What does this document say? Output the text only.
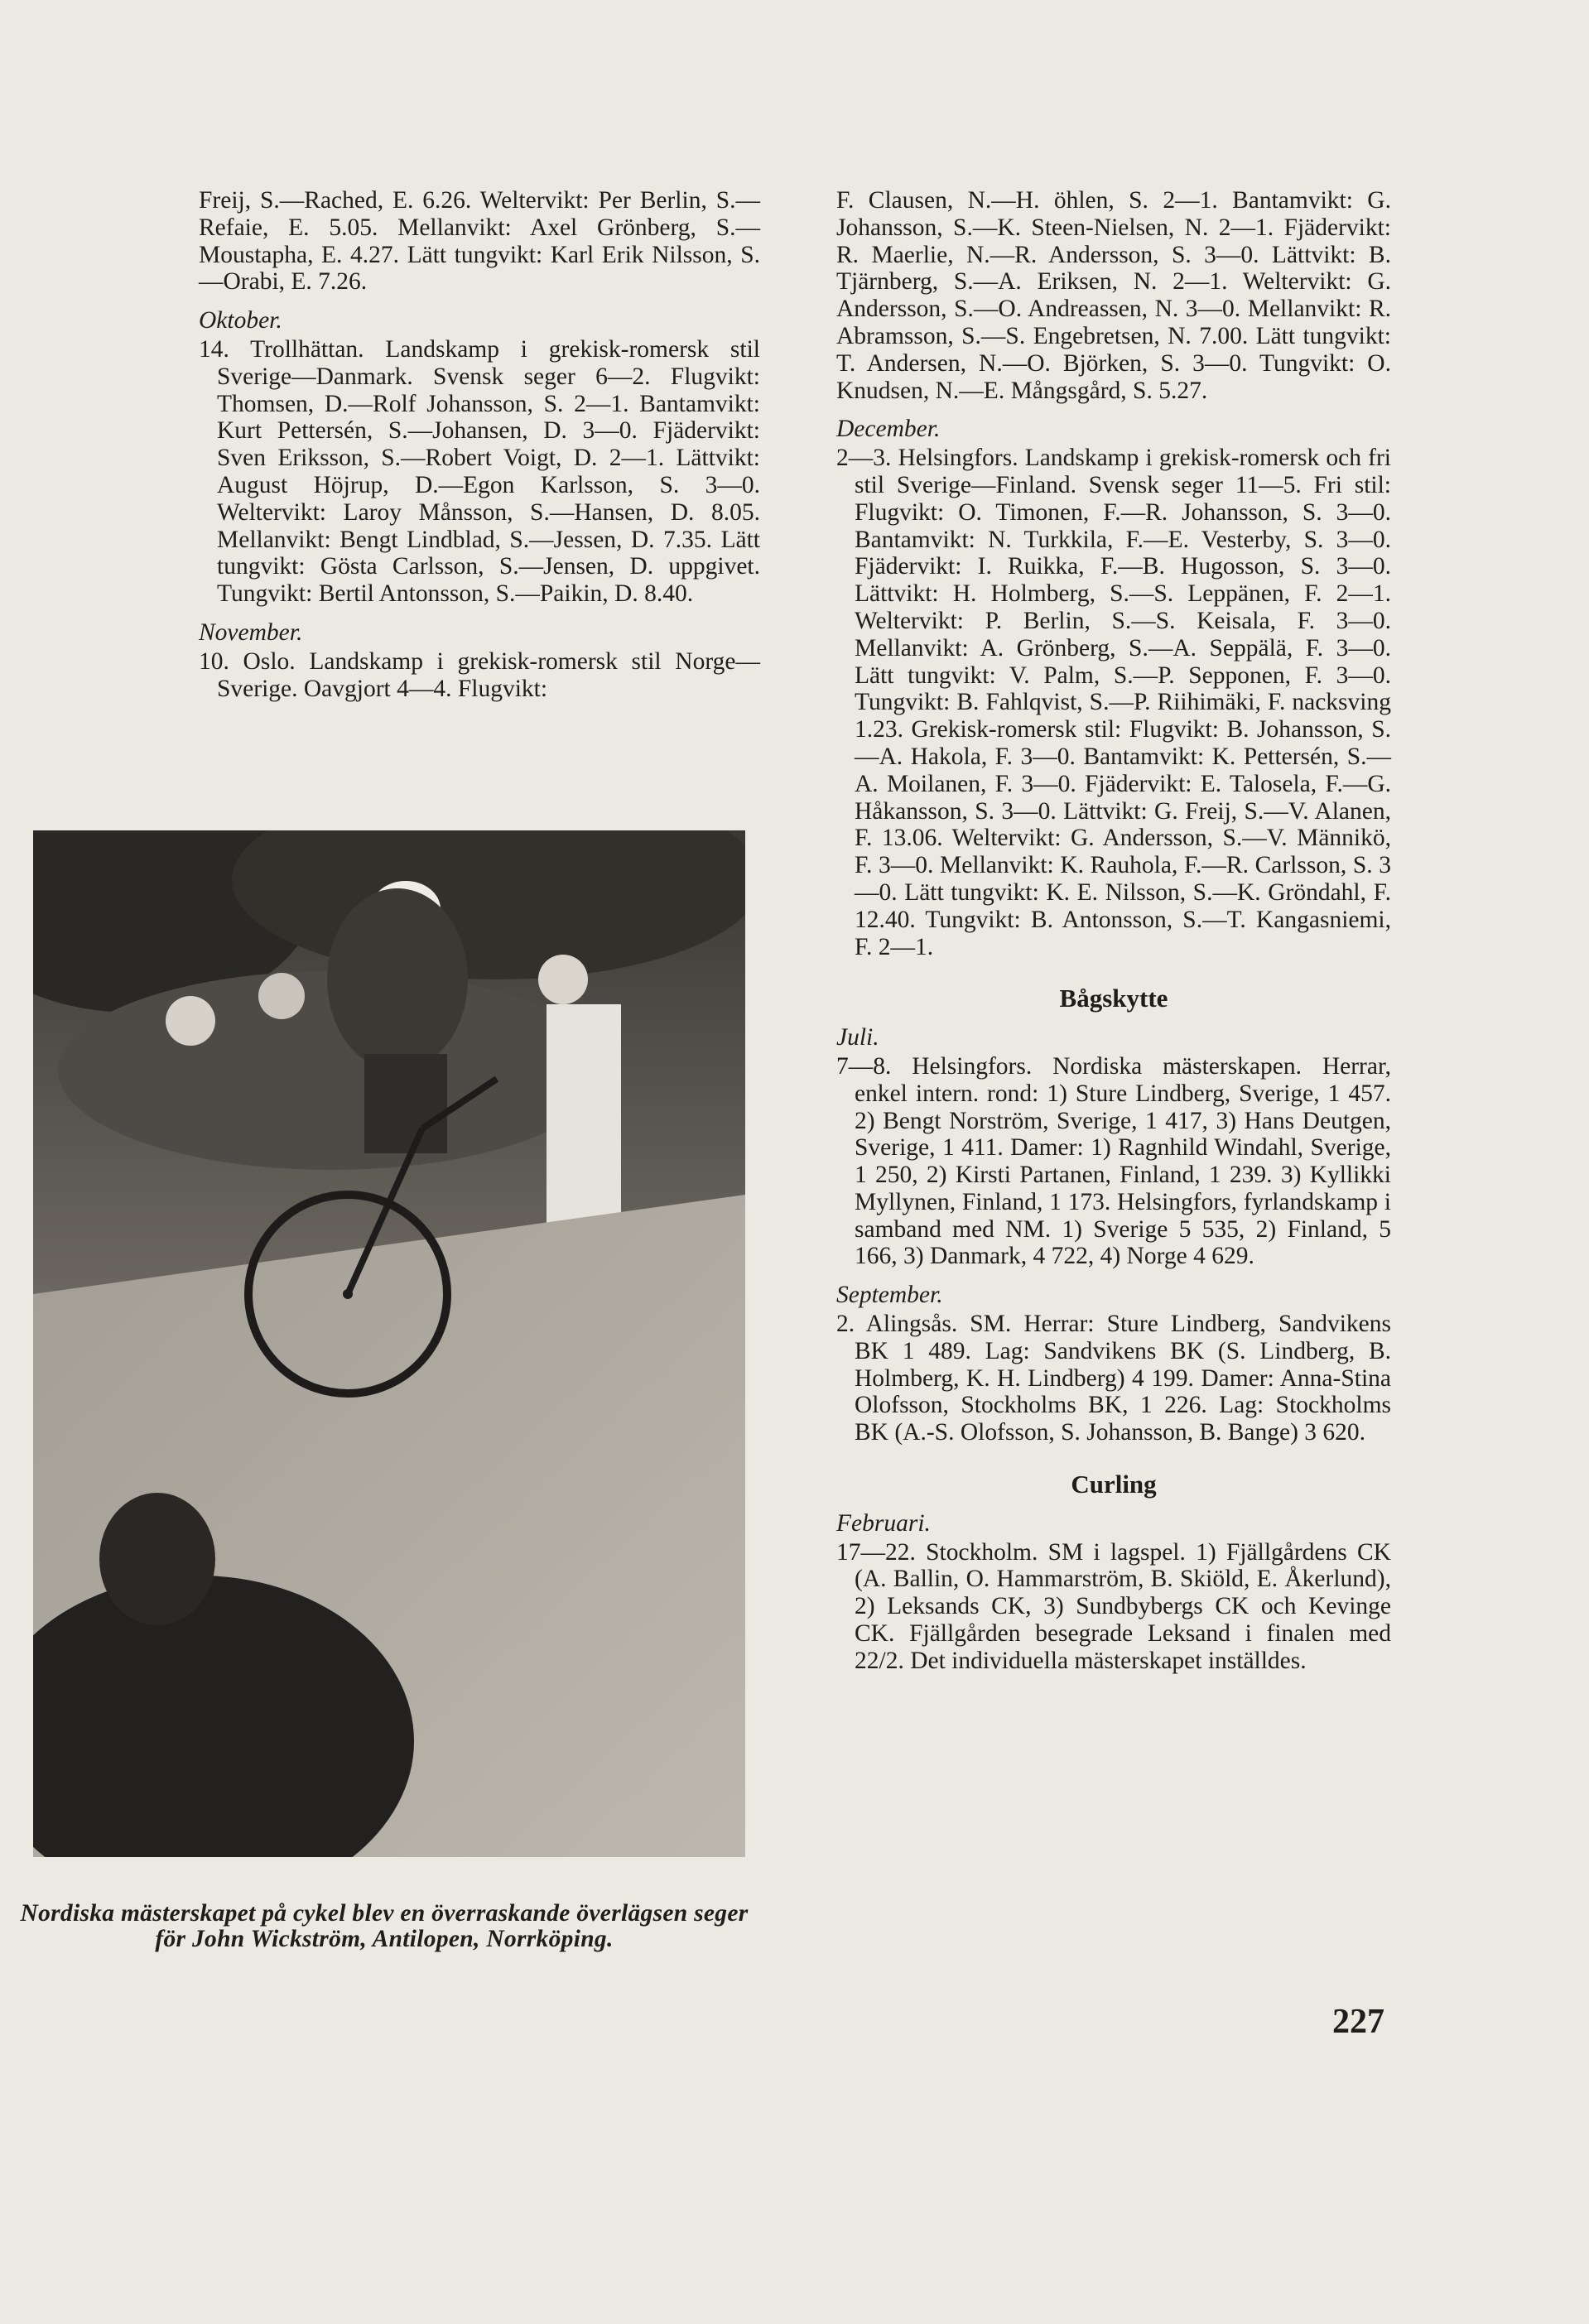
Freij, S.—Rached, E. 6.26. Weltervikt: Per Berlin, S.—Refaie, E. 5.05. Mellanvikt: Axel Grönberg, S.—Moustapha, E. 4.27. Lätt tungvikt: Karl Erik Nilsson, S.—Orabi, E. 7.26.

Oktober.

14. Trollhättan. Landskamp i grekisk-romersk stil Sverige—Danmark. Svensk seger 6—2. Flugvikt: Thomsen, D.—Rolf Johansson, S. 2—1. Bantamvikt: Kurt Pettersén, S.—Johansen, D. 3—0. Fjädervikt: Sven Eriksson, S.—Robert Voigt, D. 2—1. Lättvikt: August Höjrup, D.—Egon Karlsson, S. 3—0. Weltervikt: Laroy Månsson, S.—Hansen, D. 8.05. Mellanvikt: Bengt Lindblad, S.—Jessen, D. 7.35. Lätt tungvikt: Gösta Carlsson, S.—Jensen, D. uppgivet. Tungvikt: Bertil Antonsson, S.—Paikin, D. 8.40.

November.

10. Oslo. Landskamp i grekisk-romersk stil Norge—Sverige. Oavgjort 4—4. Flugvikt:

Nordiska mästerskapet på cykel blev en överraskande överlägsen seger för John Wickström, Antilopen, Norrköping.

F. Clausen, N.—H. öhlen, S. 2—1. Bantamvikt: G. Johansson, S.—K. Steen-Nielsen, N. 2—1. Fjädervikt: R. Maerlie, N.—R. Andersson, S. 3—0. Lättvikt: B. Tjärnberg, S.—A. Eriksen, N. 2—1. Weltervikt: G. Andersson, S.—O. Andreassen, N. 3—0. Mellanvikt: R. Abramsson, S.—S. Engebretsen, N. 7.00. Lätt tungvikt: T. Andersen, N.—O. Björken, S. 3—0. Tungvikt: O. Knudsen, N.—E. Mångsgård, S. 5.27.

December.

2—3. Helsingfors. Landskamp i grekisk-romersk och fri stil Sverige—Finland. Svensk seger 11—5. Fri stil: Flugvikt: O. Timonen, F.—R. Johansson, S. 3—0. Bantamvikt: N. Turkkila, F.—E. Vesterby, S. 3—0. Fjädervikt: I. Ruikka, F.—B. Hugosson, S. 3—0. Lättvikt: H. Holmberg, S.—S. Leppänen, F. 2—1. Weltervikt: P. Berlin, S.—S. Keisala, F. 3—0. Mellanvikt: A. Grönberg, S.—A. Seppälä, F. 3—0. Lätt tungvikt: V. Palm, S.—P. Sepponen, F. 3—0. Tungvikt: B. Fahlqvist, S.—P. Riihimäki, F. nacksving 1.23. Grekisk-romersk stil: Flugvikt: B. Johansson, S.—A. Hakola, F. 3—0. Bantamvikt: K. Pettersén, S.—A. Moilanen, F. 3—0. Fjädervikt: E. Talosela, F.—G. Håkansson, S. 3—0. Lättvikt: G. Freij, S.—V. Alanen, F. 13.06. Weltervikt: G. Andersson, S.—V. Männikö, F. 3—0. Mellanvikt: K. Rauhola, F.—R. Carlsson, S. 3—0. Lätt tungvikt: K. E. Nilsson, S.—K. Gröndahl, F. 12.40. Tungvikt: B. Antonsson, S.—T. Kangasniemi, F. 2—1.

Bågskytte

Juli.

7—8. Helsingfors. Nordiska mästerskapen. Herrar, enkel intern. rond: 1) Sture Lindberg, Sverige, 1 457. 2) Bengt Norström, Sverige, 1 417, 3) Hans Deutgen, Sverige, 1 411. Damer: 1) Ragnhild Windahl, Sverige, 1 250, 2) Kirsti Partanen, Finland, 1 239. 3) Kyllikki Myllynen, Finland, 1 173. Helsingfors, fyrlandskamp i samband med NM. 1) Sverige 5 535, 2) Finland, 5 166, 3) Danmark, 4 722, 4) Norge 4 629.

September.

2. Alingsås. SM. Herrar: Sture Lindberg, Sandvikens BK 1 489. Lag: Sandvikens BK (S. Lindberg, B. Holmberg, K. H. Lindberg) 4 199. Damer: Anna-Stina Olofsson, Stockholms BK, 1 226. Lag: Stockholms BK (A.-S. Olofsson, S. Johansson, B. Bange) 3 620.

Curling

Februari.

17—22. Stockholm. SM i lagspel. 1) Fjällgårdens CK (A. Ballin, O. Hammarström, B. Skiöld, E. Åkerlund), 2) Leksands CK, 3) Sundbybergs CK och Kevinge CK. Fjällgården besegrade Leksand i finalen med 22/2. Det individuella mästerskapet inställdes.

227
